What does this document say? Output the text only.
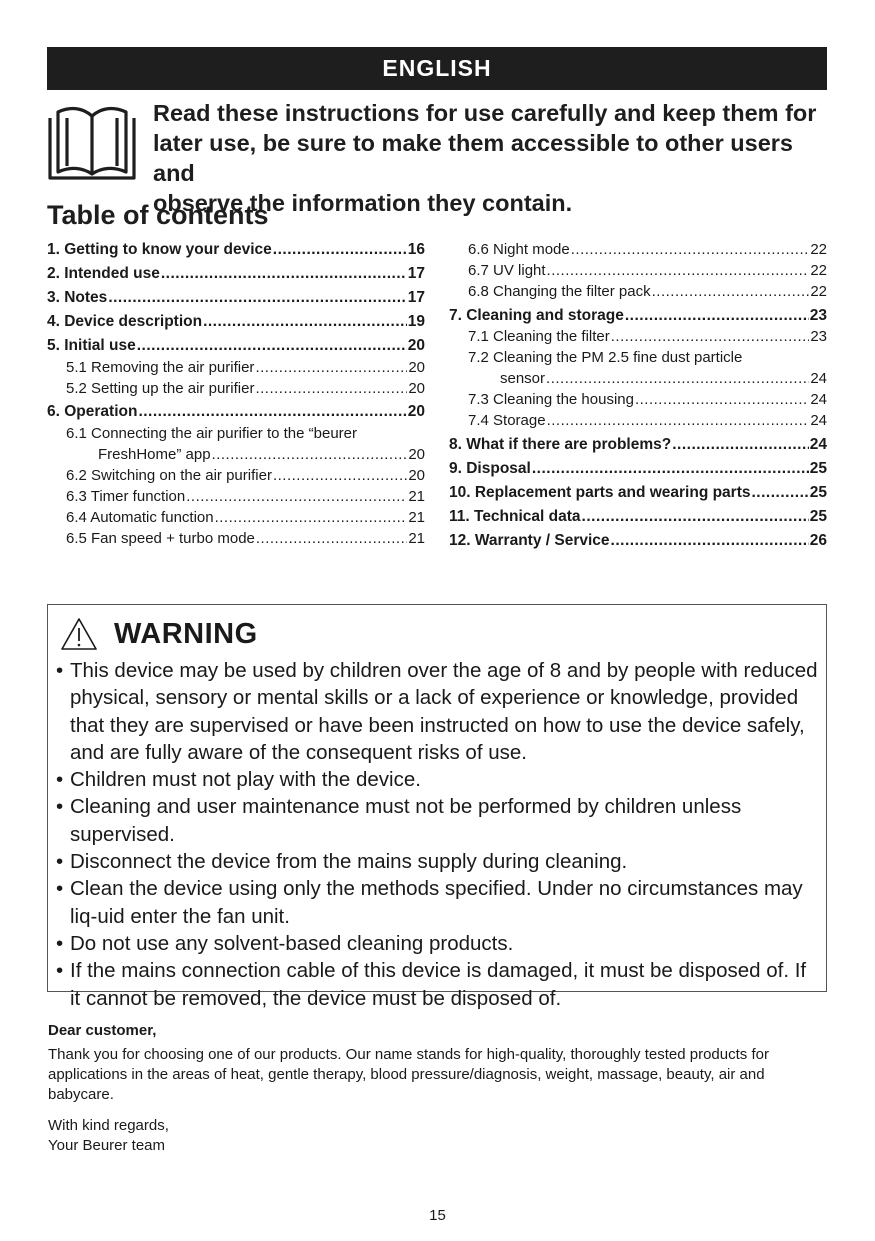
ENGLISH
Read these instructions for use carefully and keep them for
later use, be sure to make them accessible to other users and
observe the information they contain.
Table of contents
1. Getting to know your device .....	16
2. Intended use .....	17
3. Notes .....	17
4. Device description .....	19
5. Initial use .....	20
5.1 Removing the air purifier .....	20
5.2 Setting up the air purifier .....	20
6. Operation .....	20
6.1 Connecting the air purifier to the “beurer
FreshHome” app .....	20
6.2 Switching on the air purifier .....	20
6.3 Timer function .....	21
6.4 Automatic function .....	21
6.5 Fan speed + turbo mode .....	21
6.6 Night mode .....	22
6.7 UV light .....	22
6.8 Changing the filter pack .....	22
7. Cleaning and storage .....	23
7.1 Cleaning the filter .....	23
7.2 Cleaning the PM 2.5 fine dust particle
sensor .....	24
7.3 Cleaning the housing .....	24
7.4 Storage .....	24
8. What if there are problems? .....	24
9. Disposal .....	25
10. Replacement parts and wearing parts .....	25
11. Technical data .....	25
12. Warranty / Service .....	26
WARNING
• This device may be used by children over the age of 8 and by people with reduced physical, sensory or mental skills or a lack of experience or knowledge, provided that they are supervised or have been instructed on how to use the device safely, and are fully aware of the consequent risks of use.
• Children must not play with the device.
• Cleaning and user maintenance must not be performed by children unless supervised.
• Disconnect the device from the mains supply during cleaning.
• Clean the device using only the methods specified. Under no circumstances may liq-uid enter the fan unit.
• Do not use any solvent-based cleaning products.
• If the mains connection cable of this device is damaged, it must be disposed of. If it cannot be removed, the device must be disposed of.
Dear customer,
Thank you for choosing one of our products. Our name stands for high-quality, thoroughly tested products for applications in the areas of heat, gentle therapy, blood pressure/diagnosis, weight, massage, beauty, air and babycare.
With kind regards,
Your Beurer team
15
